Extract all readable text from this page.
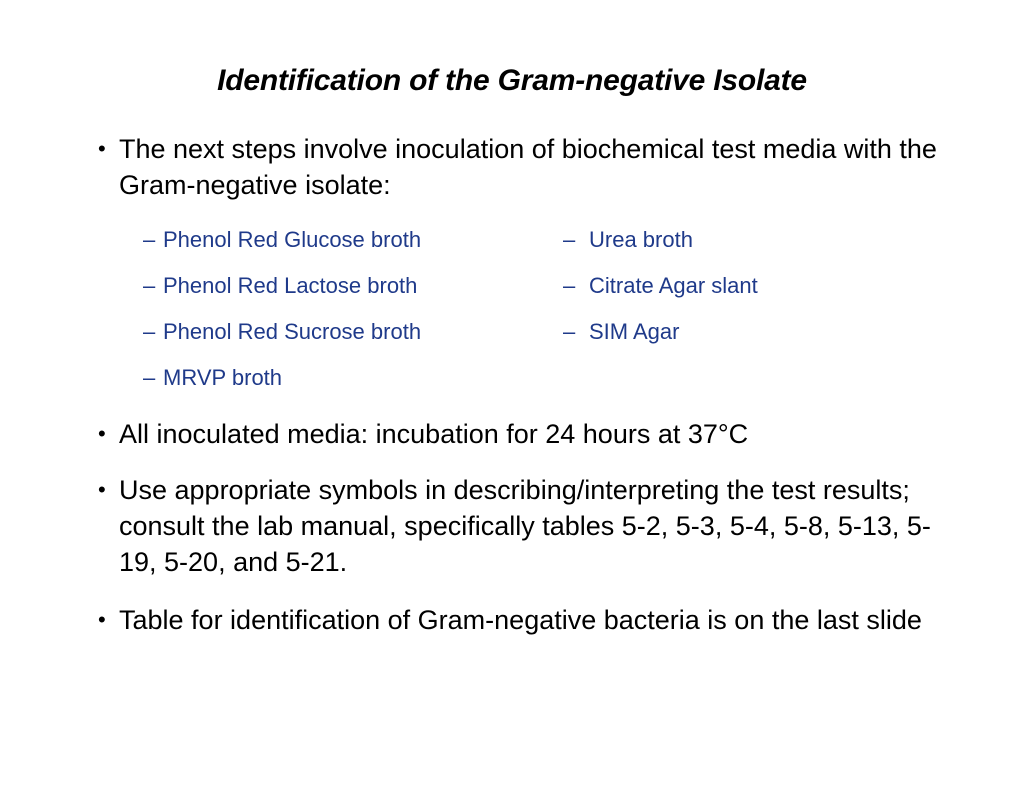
Identification of the Gram-negative Isolate
• The next steps involve inoculation of biochemical test media with the Gram-negative isolate:
– Phenol Red Glucose broth
– Phenol Red Lactose broth
– Phenol Red Sucrose broth
– MRVP broth
– Urea broth
– Citrate Agar slant
– SIM Agar
• All inoculated media: incubation for 24 hours at 37°C
• Use appropriate symbols in describing/interpreting the test results; consult the lab manual, specifically tables 5-2, 5-3, 5-4, 5-8, 5-13, 5-19, 5-20, and 5-21.
• Table for identification of Gram-negative bacteria is on the last slide
